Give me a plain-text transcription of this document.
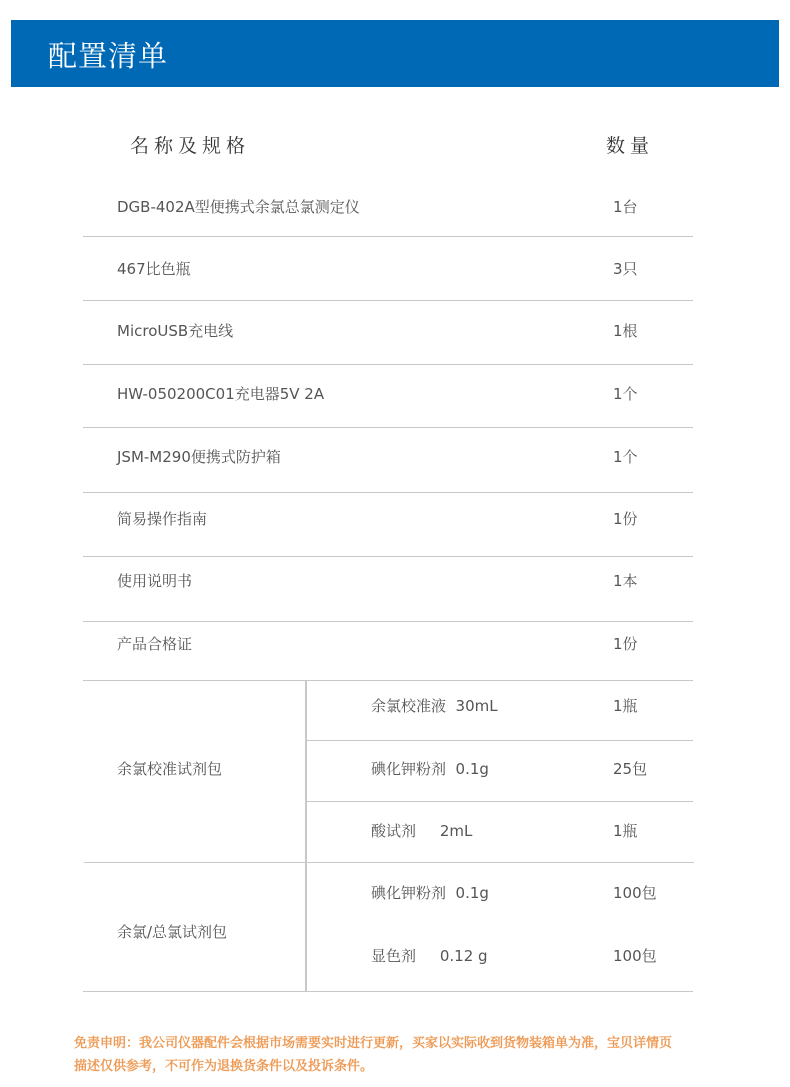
配置清单
名称及规格	数量
DGB-402A型便携式余氯总氯测定仪	1台
467比色瓶	3只
MicroUSB充电线	1根
HW-050200C01充电器5V 2A	1个
JSM-M290便携式防护箱	1个
简易操作指南	1份
使用说明书	1本
产品合格证	1份
余氯校准试剂包
余氯校准液  30mL	1瓶
碘化钾粉剂  0.1g	25包
酸试剂     2mL	1瓶
余氯/总氯试剂包
碘化钾粉剂  0.1g	100包
显色剂     0.12 g	100包
免责申明：我公司仪器配件会根据市场需要实时进行更新，买家以实际收到货物装箱单为准，宝贝详情页
描述仅供参考，不可作为退换货条件以及投诉条件。
